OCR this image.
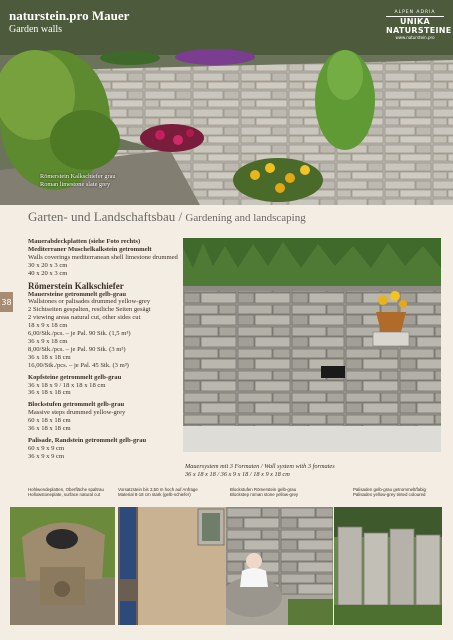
naturstein.pro Mauer
Garden walls
ALPEN ADRIA
UNIKA NATURSTEINE
www.naturstein.pro
Römerstein Kalkschiefer grau
Roman limestone slate grey
Garten- und Landschaftsbau / Gardening and landscaping
38

Mauerabdeckplatten (siehe Foto rechts)

Mediterraner Muschelkalkstein getrommelt

Walls coverings mediterranean shell limestone drummed

30 x 20 x 3 cm

40 x 20 x 3 cm

Römerstein Kalkschiefer

Mauersteine getrommelt gelb-grau

Wallstones or palisades drummed yellow-grey

2 Sichtseiten gespalten, restliche Seiten gesägt

2 viewing areas natural cut, other sides cut

18 x 9 x 18 cm

6,00/Stk./pcs. – je Pal. 90 Stk. (1,5 m³)

36 x 9 x 18 cm

8,00/Stk./pcs. – je Pal. 90 Stk. (3 m³)

36 x 18 x 18 cm

16,00/Stk./pcs. – je Pal. 45 Stk. (3 m³)

Kopfsteine getrommelt gelb-grau

36 x 18 x 9 / 18 x 18 x 18 cm

36 x 18 x 18 cm

Blockstufen getrommelt gelb-grau

Massive steps drummed yellow-grey

60 x 18 x 18 cm

36 x 18 x 18 cm

Palisade, Randstein getrommelt gelb-grau

60 x 9 x 9 cm

36 x 9 x 9 cm

Mauersystem mit 3 Formaten / Wall system with 3 formates
36 x 18 x 18 / 36 x 9 x 18 / 18 x 9 x 18 cm
Hohlwendeplatten, Oberfläche spaltrau
Hollowstoneplate, surface natural cut
Vorsatzstein bis 3,50 m hoch auf Anfrage
Material 8-18 cm stark (gelb-schiefer)
Blockstufen Römerstein gelb-grau
Blockstep roman stone yellow-grey
Palisaden gelb-grau getrommelt/fabig
Palisades yellow-grey tinted coloured
